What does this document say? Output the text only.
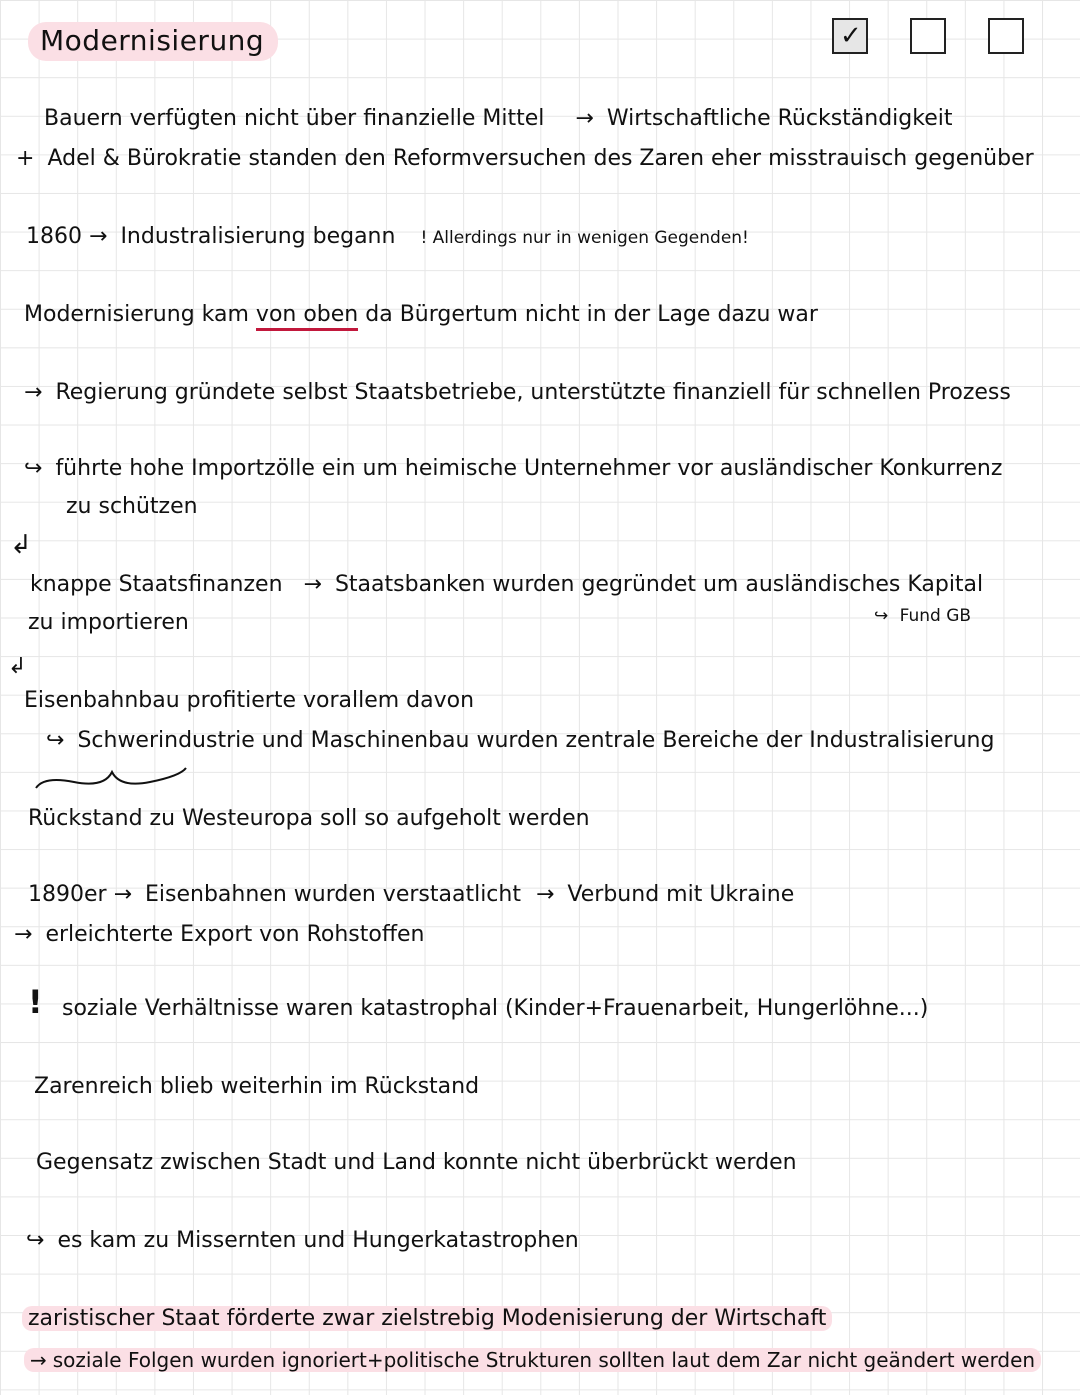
Modernisierung	✓
Bauern verfügten nicht über finanzielle Mittel → Wirtschaftliche Rückständigkeit
+ Adel & Bürokratie standen den Reformversuchen des Zaren eher misstrauisch gegenüber
1860 → Industralisierung begann ! Allerdings nur in wenigen Gegenden!
Modernisierung kam von oben da Bürgertum nicht in der Lage dazu war
→ Regierung gründete selbst Staatsbetriebe, unterstützte finanziell für schnellen Prozess
↪ führte hohe Importzölle ein um heimische Unternehmer vor ausländischer Konkurrenz
zu schützen
↲
knappe Staatsfinanzen → Staatsbanken wurden gegründet um ausländisches Kapital
zu importieren	↪ Fund GB
↲
Eisenbahnbau profitierte vorallem davon
↪ Schwerindustrie und Maschinenbau wurden zentrale Bereiche der Industralisierung
Rückstand zu Westeuropa soll so aufgeholt werden
1890er → Eisenbahnen wurden verstaatlicht → Verbund mit Ukraine
→ erleichterte Export von Rohstoffen
! soziale Verhältnisse waren katastrophal (Kinder+Frauenarbeit, Hungerlöhne...)
Zarenreich blieb weiterhin im Rückstand
Gegensatz zwischen Stadt und Land konnte nicht überbrückt werden
↪ es kam zu Missernten und Hungerkatastrophen
zaristischer Staat förderte zwar zielstrebig Modenisierung der Wirtschaft
→ soziale Folgen wurden ignoriert+politische Strukturen sollten laut dem Zar nicht geändert werden
